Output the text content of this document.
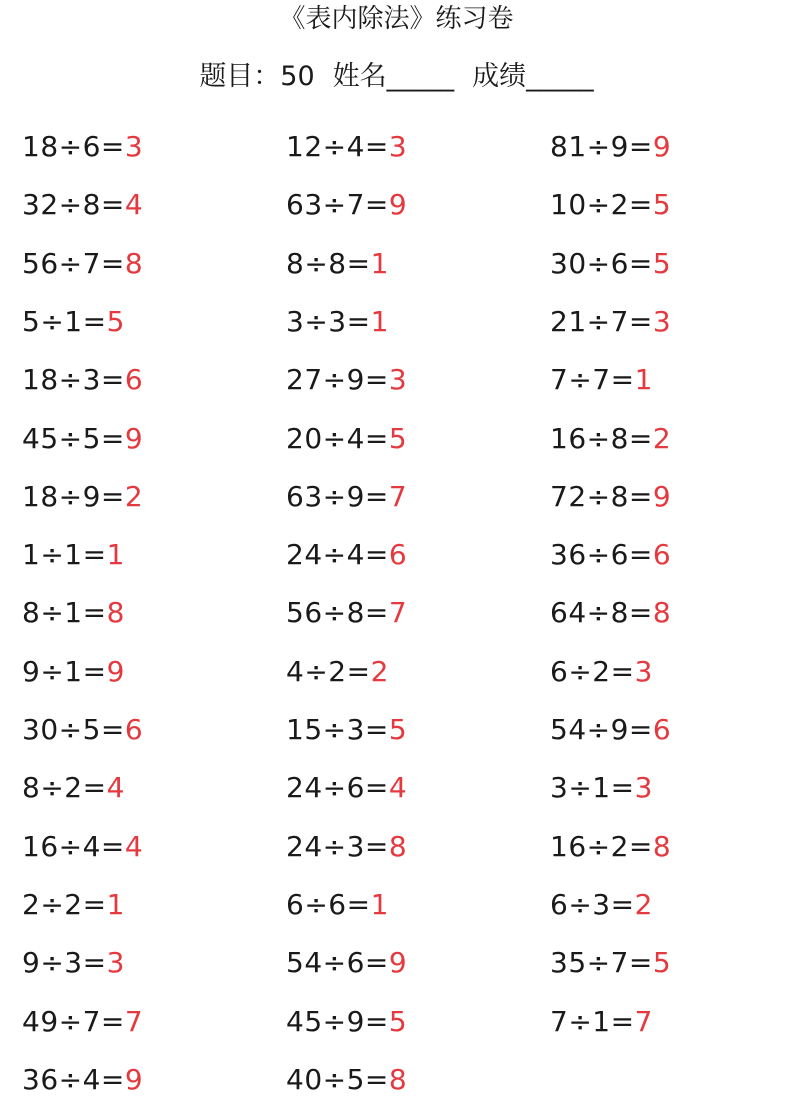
《表内除法》练习卷
题目：50 姓名_____ 成绩_____
18÷6=3
32÷8=4
56÷7=8
5÷1=5
18÷3=6
45÷5=9
18÷9=2
1÷1=1
8÷1=8
9÷1=9
30÷5=6
8÷2=4
16÷4=4
2÷2=1
9÷3=3
49÷7=7
36÷4=9
12÷4=3
63÷7=9
8÷8=1
3÷3=1
27÷9=3
20÷4=5
63÷9=7
24÷4=6
56÷8=7
4÷2=2
15÷3=5
24÷6=4
24÷3=8
6÷6=1
54÷6=9
45÷9=5
40÷5=8
81÷9=9
10÷2=5
30÷6=5
21÷7=3
7÷7=1
16÷8=2
72÷8=9
36÷6=6
64÷8=8
6÷2=3
54÷9=6
3÷1=3
16÷2=8
6÷3=2
35÷7=5
7÷1=7
